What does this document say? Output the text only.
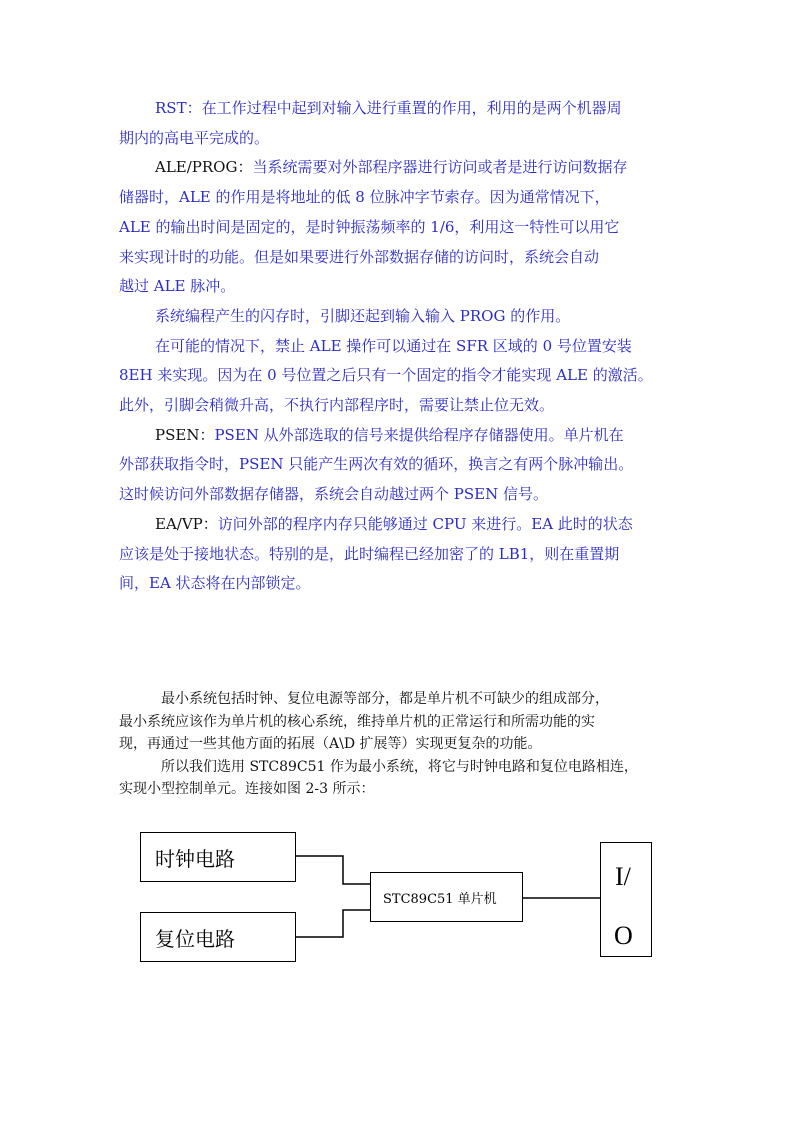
RST：在工作过程中起到对输入进行重置的作用，利用的是两个机器周
期内的高电平完成的。

ALE/PROG：当系统需要对外部程序器进行访问或者是进行访问数据存
储器时，ALE 的作用是将地址的低 8 位脉冲字节索存。因为通常情况下，
ALE 的输出时间是固定的，是时钟振荡频率的 1/6，利用这一特性可以用它
来实现计时的功能。但是如果要进行外部数据存储的访问时，系统会自动
越过 ALE 脉冲。

系统编程产生的闪存时，引脚还起到输入输入 PROG 的作用。

在可能的情况下，禁止 ALE 操作可以通过在 SFR 区域的 0 号位置安装
8EH 来实现。因为在 0 号位置之后只有一个固定的指令才能实现 ALE 的激活。
此外，引脚会稍微升高，不执行内部程序时，需要让禁止位无效。

PSEN：PSEN 从外部选取的信号来提供给程序存储器使用。单片机在
外部获取指令时，PSEN 只能产生两次有效的循环，换言之有两个脉冲输出。
这时候访问外部数据存储器，系统会自动越过两个 PSEN 信号。

EA/VP：访问外部的程序内存只能够通过 CPU 来进行。EA 此时的状态
应该是处于接地状态。特别的是，此时编程已经加密了的 LB1，则在重置期
间，EA 状态将在内部锁定。

最小系统包括时钟、复位电源等部分，都是单片机不可缺少的组成部分，
最小系统应该作为单片机的核心系统，维持单片机的正常运行和所需功能的实
现，再通过一些其他方面的拓展（A\D 扩展等）实现更复杂的功能。

所以我们选用 STC89C51 作为最小系统，将它与时钟电路和复位电路相连，
实现小型控制单元。连接如图 2-3 所示：

时钟电路
复位电路
STC89C51 单片机
I/
O
